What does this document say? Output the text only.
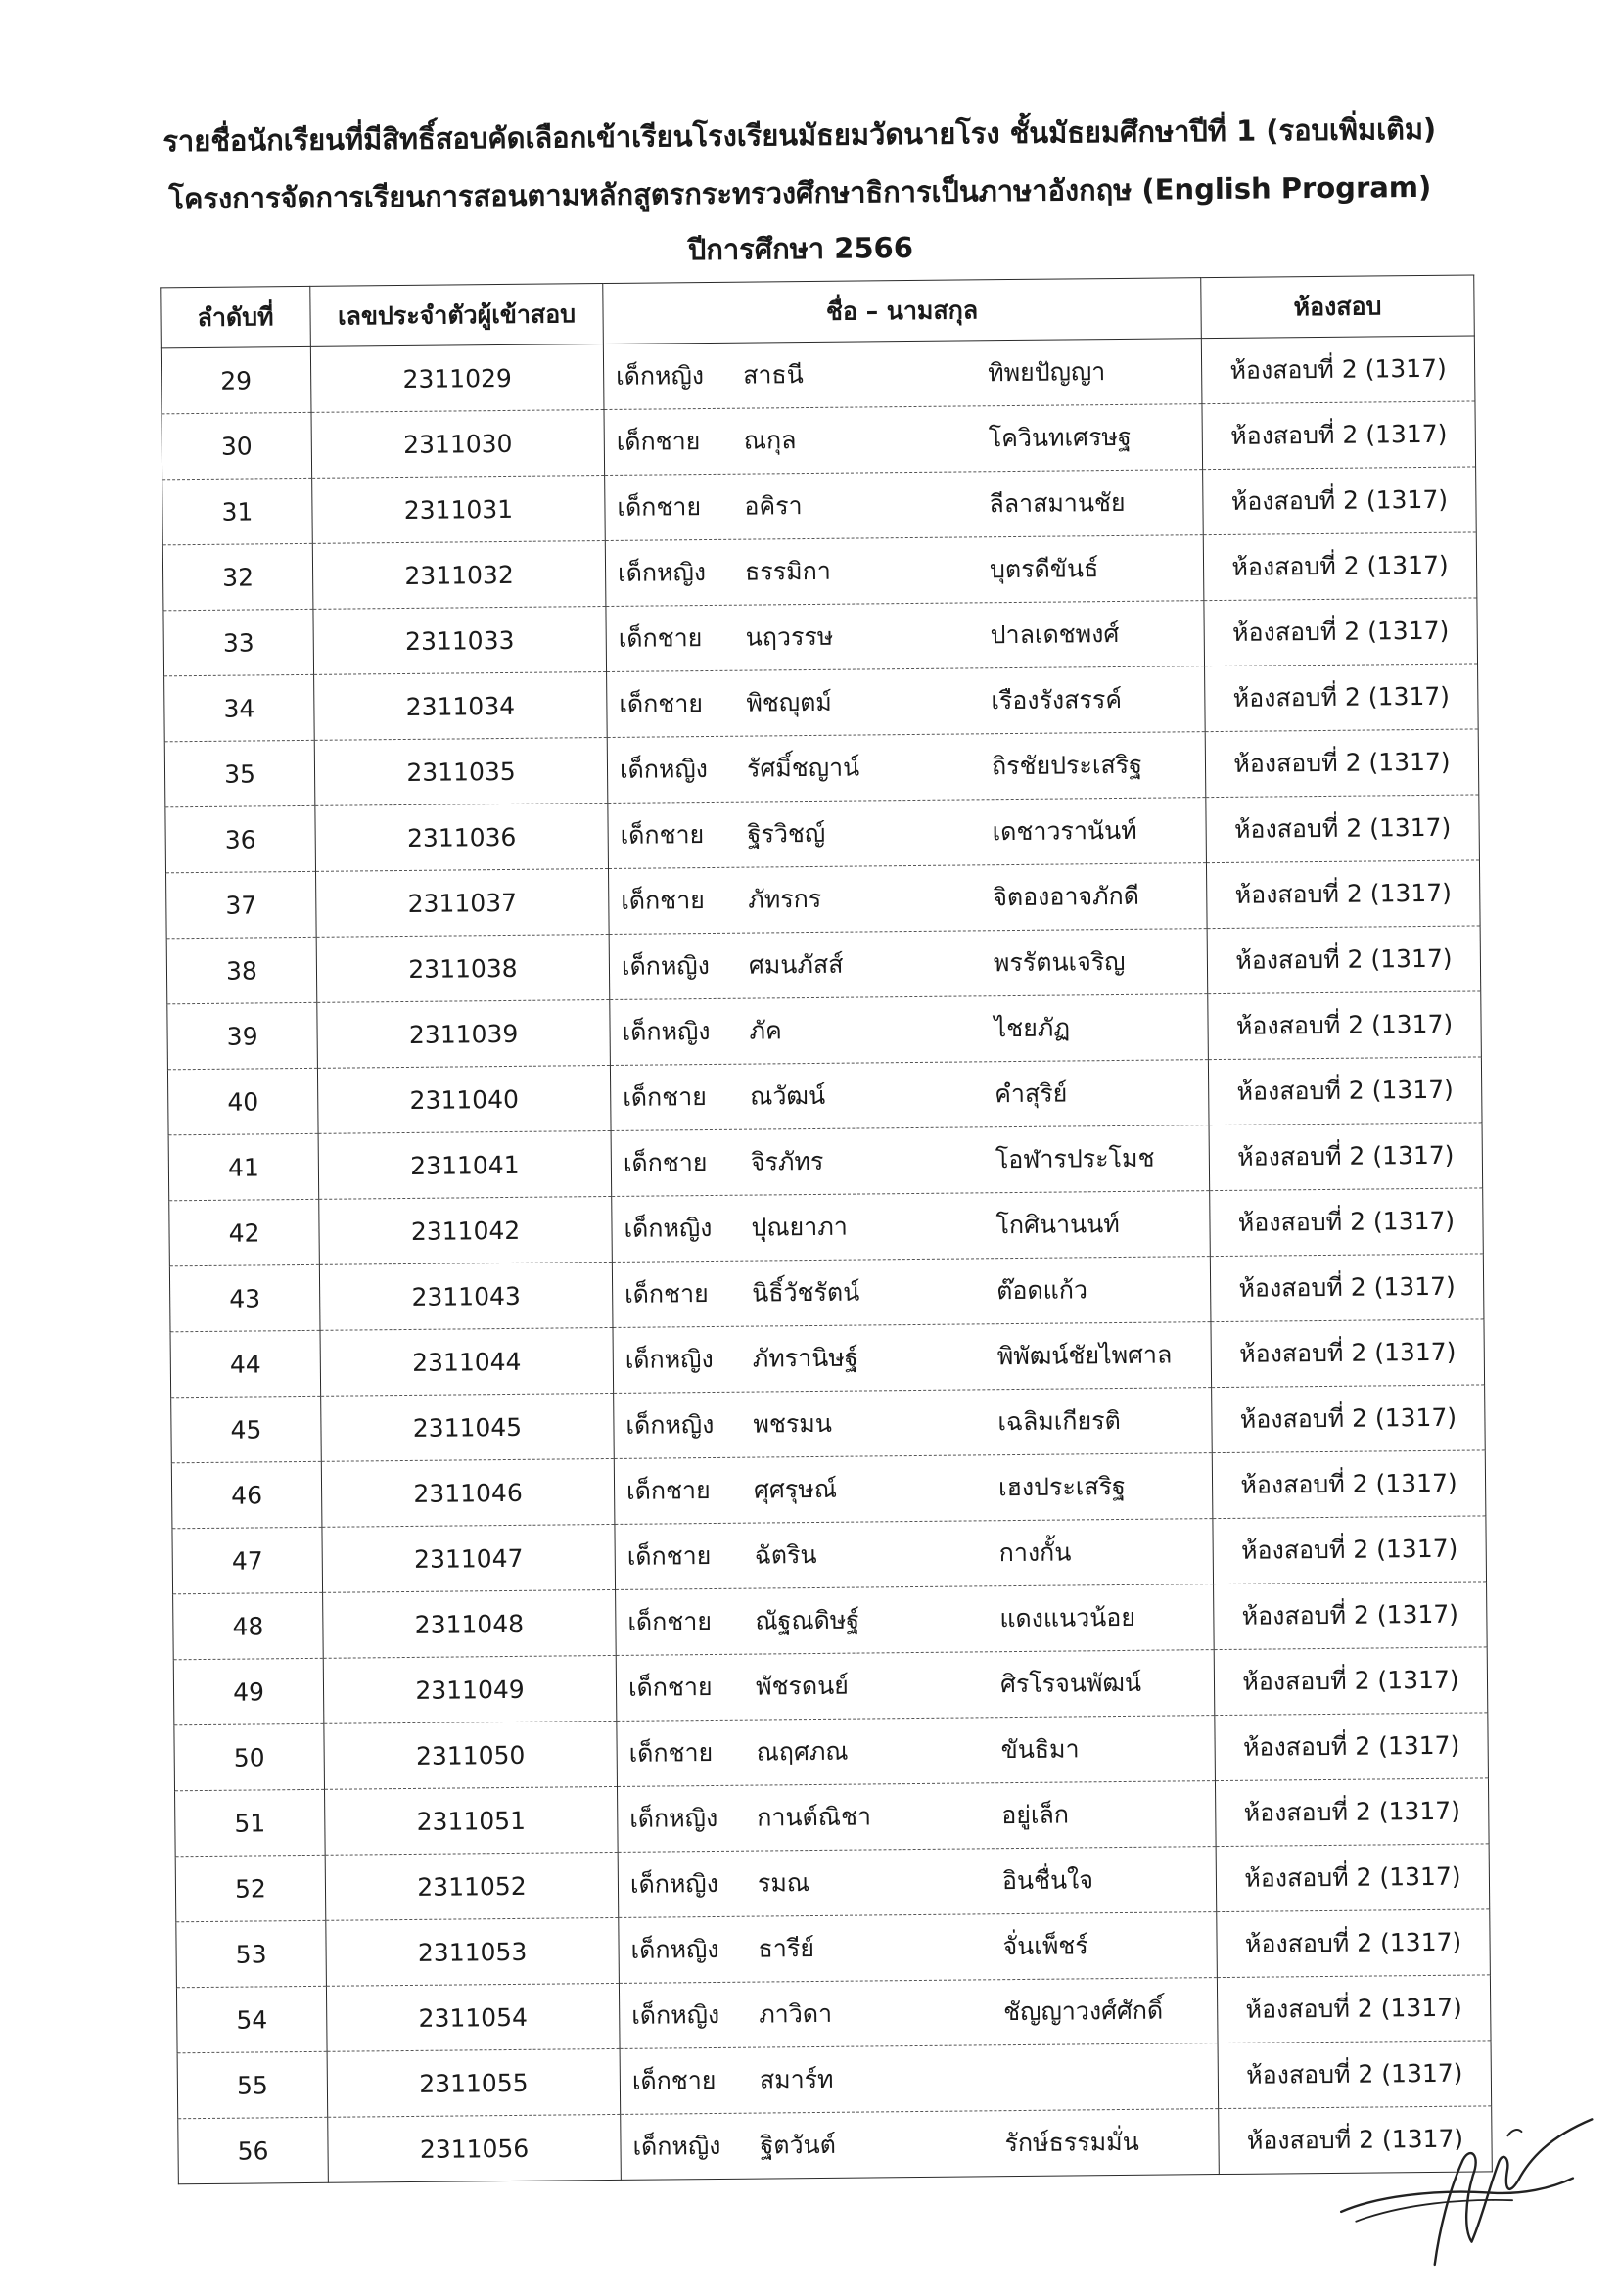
รายชื่อนักเรียนที่มีสิทธิ์สอบคัดเลือกเข้าเรียนโรงเรียนมัธยมวัดนายโรง ชั้นมัธยมศึกษาปีที่ 1 (รอบเพิ่มเติม)
โครงการจัดการเรียนการสอนตามหลักสูตรกระทรวงศึกษาธิการเป็นภาษาอังกฤษ (English Program)
ปีการศึกษา 2566
ลำดับที่	เลขประจำตัวผู้เข้าสอบ	ชื่อ – นามสกุล	ห้องสอบ
29	2311029	เด็กหญิง สาธนี ทิพยปัญญา	ห้องสอบที่ 2 (1317)
30	2311030	เด็กชาย ณกุล โควินทเศรษฐ	ห้องสอบที่ 2 (1317)
31	2311031	เด็กชาย อคิรา ลีลาสมานชัย	ห้องสอบที่ 2 (1317)
32	2311032	เด็กหญิง ธรรมิกา บุตรดีขันธ์	ห้องสอบที่ 2 (1317)
33	2311033	เด็กชาย นฤวรรษ ปาลเดชพงศ์	ห้องสอบที่ 2 (1317)
34	2311034	เด็กชาย พิชญุตม์ เรืองรังสรรค์	ห้องสอบที่ 2 (1317)
35	2311035	เด็กหญิง รัศมิ์ชญาน์ ถิรชัยประเสริฐ	ห้องสอบที่ 2 (1317)
36	2311036	เด็กชาย ฐิรวิชญ์ เดชาวรานันท์	ห้องสอบที่ 2 (1317)
37	2311037	เด็กชาย ภัทรกร จิตองอาจภักดี	ห้องสอบที่ 2 (1317)
38	2311038	เด็กหญิง ศมนภัสส์ พรรัตนเจริญ	ห้องสอบที่ 2 (1317)
39	2311039	เด็กหญิง ภัค ไชยภัฏ	ห้องสอบที่ 2 (1317)
40	2311040	เด็กชาย ณวัฒน์ คำสุริย์	ห้องสอบที่ 2 (1317)
41	2311041	เด็กชาย จิรภัทร โอฬารประโมช	ห้องสอบที่ 2 (1317)
42	2311042	เด็กหญิง ปุณยาภา โกศินานนท์	ห้องสอบที่ 2 (1317)
43	2311043	เด็กชาย นิธิ์วัชรัตน์ ต๊อดแก้ว	ห้องสอบที่ 2 (1317)
44	2311044	เด็กหญิง ภัทรานิษฐ์ พิพัฒน์ชัยไพศาล	ห้องสอบที่ 2 (1317)
45	2311045	เด็กหญิง พชรมน เฉลิมเกียรติ	ห้องสอบที่ 2 (1317)
46	2311046	เด็กชาย ศุศรุษณ์ เฮงประเสริฐ	ห้องสอบที่ 2 (1317)
47	2311047	เด็กชาย ฉัตริน กางกั้น	ห้องสอบที่ 2 (1317)
48	2311048	เด็กชาย ณัฐณดิษฐ์ แดงแนวน้อย	ห้องสอบที่ 2 (1317)
49	2311049	เด็กชาย พัชรดนย์ ศิรโรจนพัฒน์	ห้องสอบที่ 2 (1317)
50	2311050	เด็กชาย ณฤศภณ ขันธิมา	ห้องสอบที่ 2 (1317)
51	2311051	เด็กหญิง กานต์ณิชา อยู่เล็ก	ห้องสอบที่ 2 (1317)
52	2311052	เด็กหญิง รมณ อินชื่นใจ	ห้องสอบที่ 2 (1317)
53	2311053	เด็กหญิง ธารีย์ จั่นเพ็ชร์	ห้องสอบที่ 2 (1317)
54	2311054	เด็กหญิง ภาวิดา ชัญญาวงศ์ศักดิ์	ห้องสอบที่ 2 (1317)
55	2311055	เด็กชาย สมาร์ท	ห้องสอบที่ 2 (1317)
56	2311056	เด็กหญิง ฐิตวันต์ รักษ์ธรรมมั่น	ห้องสอบที่ 2 (1317)
